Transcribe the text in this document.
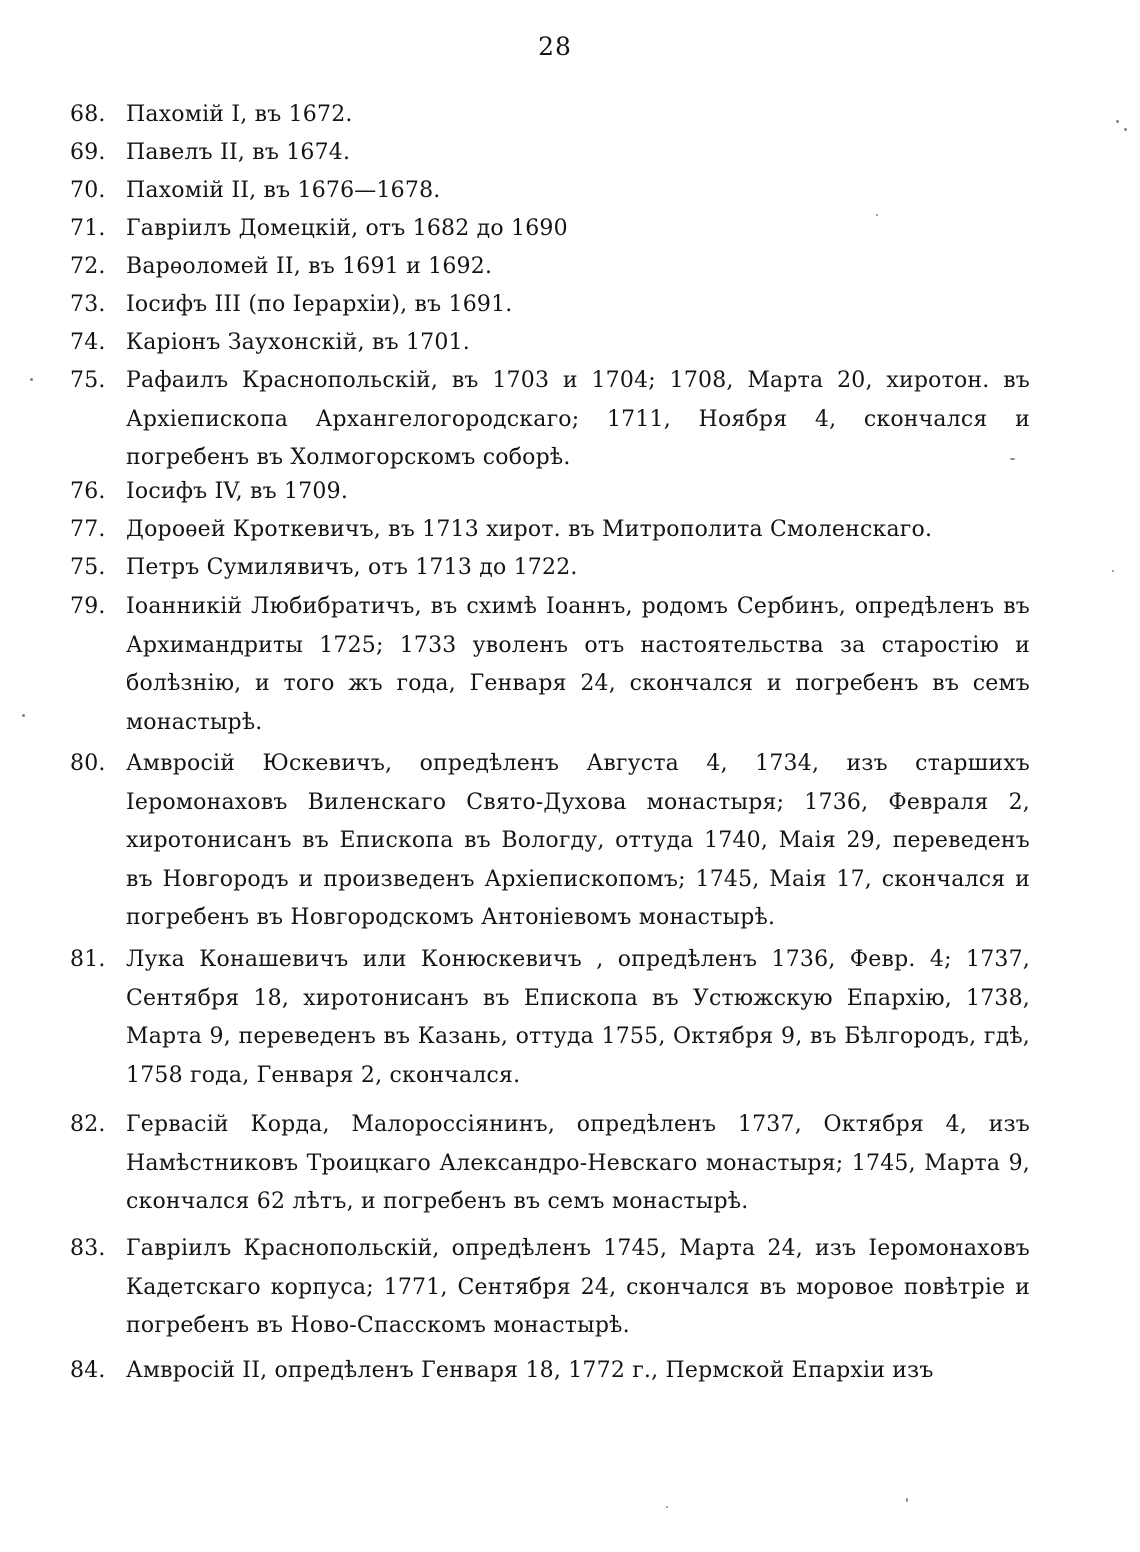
28
68. Пахомій I, въ 1672.
69. Павелъ II, въ 1674.
70. Пахомій II, въ 1676—1678.
71. Гавріилъ Домецкій, отъ 1682 до 1690
72. Варѳоломей II, въ 1691 и 1692.
73. Іосифъ III (по Іерархіи), въ 1691.
74. Каріонъ Заухонскій, въ 1701.
75. Рафаилъ Краснопольскій, въ 1703 и 1704; 1708, Марта 20, хиротон. въ Архіепископа Архангелогородскаго; 1711, Ноября 4, скончался и погребенъ въ Холмогорскомъ соборѣ.
76. Іосифъ IV, въ 1709.
77. Дороѳей Кроткевичъ, въ 1713 хирот. въ Митрополита Смоленскаго.
75. Петръ Сумилявичъ, отъ 1713 до 1722.
79. Іоанникій Любибратичъ, въ схимѣ Іоаннъ, родомъ Сербинъ, опредѣленъ въ Архимандриты 1725; 1733 уволенъ отъ настоятельства за старостію и болѣзнію, и того жъ года, Генваря 24, скончался и погребенъ въ семъ монастырѣ.
80. Амвросій Юскевичъ, опредѣленъ Августа 4, 1734, изъ старшихъ Іеромонаховъ Виленскаго Свято-Духова монастыря; 1736, Февраля 2, хиротонисанъ въ Епископа въ Вологду, оттуда 1740, Маія 29, переведенъ въ Новгородъ и произведенъ Архіепископомъ; 1745, Маія 17, скончался и погребенъ въ Новгородскомъ Антоніевомъ монастырѣ.
81. Лука Конашевичъ или Конюскевичъ , опредѣленъ 1736, Февр. 4; 1737, Сентября 18, хиротонисанъ въ Епископа въ Устюжскую Епархію, 1738, Марта 9, переведенъ въ Казань, оттуда 1755, Октября 9, въ Бѣлгородъ, гдѣ, 1758 года, Генваря 2, скончался.
82. Гервасій Корда, Малороссіянинъ, опредѣленъ 1737, Октября 4, изъ Намѣстниковъ Троицкаго Александро-Невскаго монастыря; 1745, Марта 9, скончался 62 лѣтъ, и погребенъ въ семъ монастырѣ.
83. Гавріилъ Краснопольскій, опредѣленъ 1745, Марта 24, изъ Іеромонаховъ Кадетскаго корпуса; 1771, Сентября 24, скончался въ моровое повѣтріе и погребенъ въ Ново-Спасскомъ монастырѣ.
84. Амвросій II, опредѣленъ Генваря 18, 1772 г., Пермской Епархіи изъ
